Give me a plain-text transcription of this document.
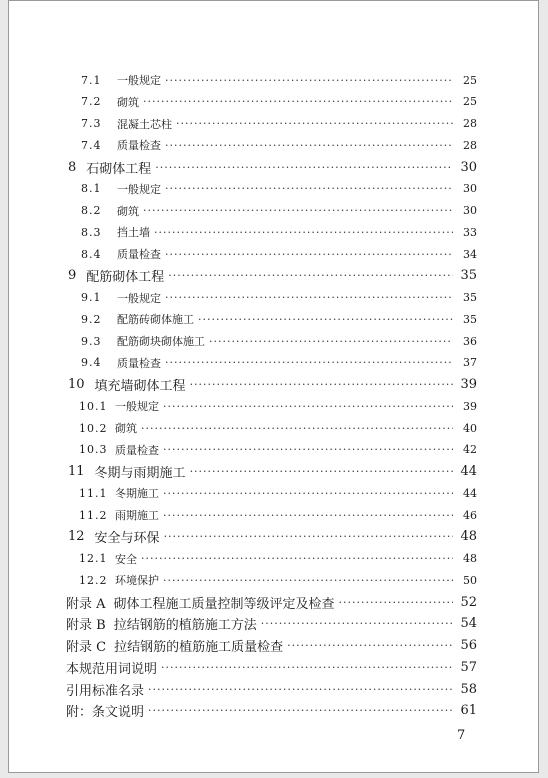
7.1	一般规定 ·····	25
7.2	砌筑 ·····	25
7.3	混凝土芯柱 ·····	28
7.4	质量检查 ·····	28
8 石砌体工程 ·····	30
8.1	一般规定 ·····	30
8.2	砌筑 ·····	30
8.3	挡土墙 ·····	33
8.4	质量检查 ·····	34
9 配筋砌体工程 ·····	35
9.1	一般规定 ·····	35
9.2	配筋砖砌体施工 ·····	35
9.3	配筋砌块砌体施工 ·····	36
9.4	质量检查 ·····	37
10 填充墙砌体工程 ·····	39
10.1 一般规定 ·····	39
10.2 砌筑 ·····	40
10.3 质量检查 ·····	42
11 冬期与雨期施工 ·····	44
11.1 冬期施工 ·····	44
11.2 雨期施工 ·····	46
12 安全与环保 ·····	48
12.1 安全 ·····	48
12.2 环境保护 ·····	50
附录 A 砌体工程施工质量控制等级评定及检查 ·····	52
附录 B 拉结钢筋的植筋施工方法 ·····	54
附录 C 拉结钢筋的植筋施工质量检查 ·····	56
本规范用词说明 ·····	57
引用标准名录 ·····	58
附：条文说明 ·····	61
7
